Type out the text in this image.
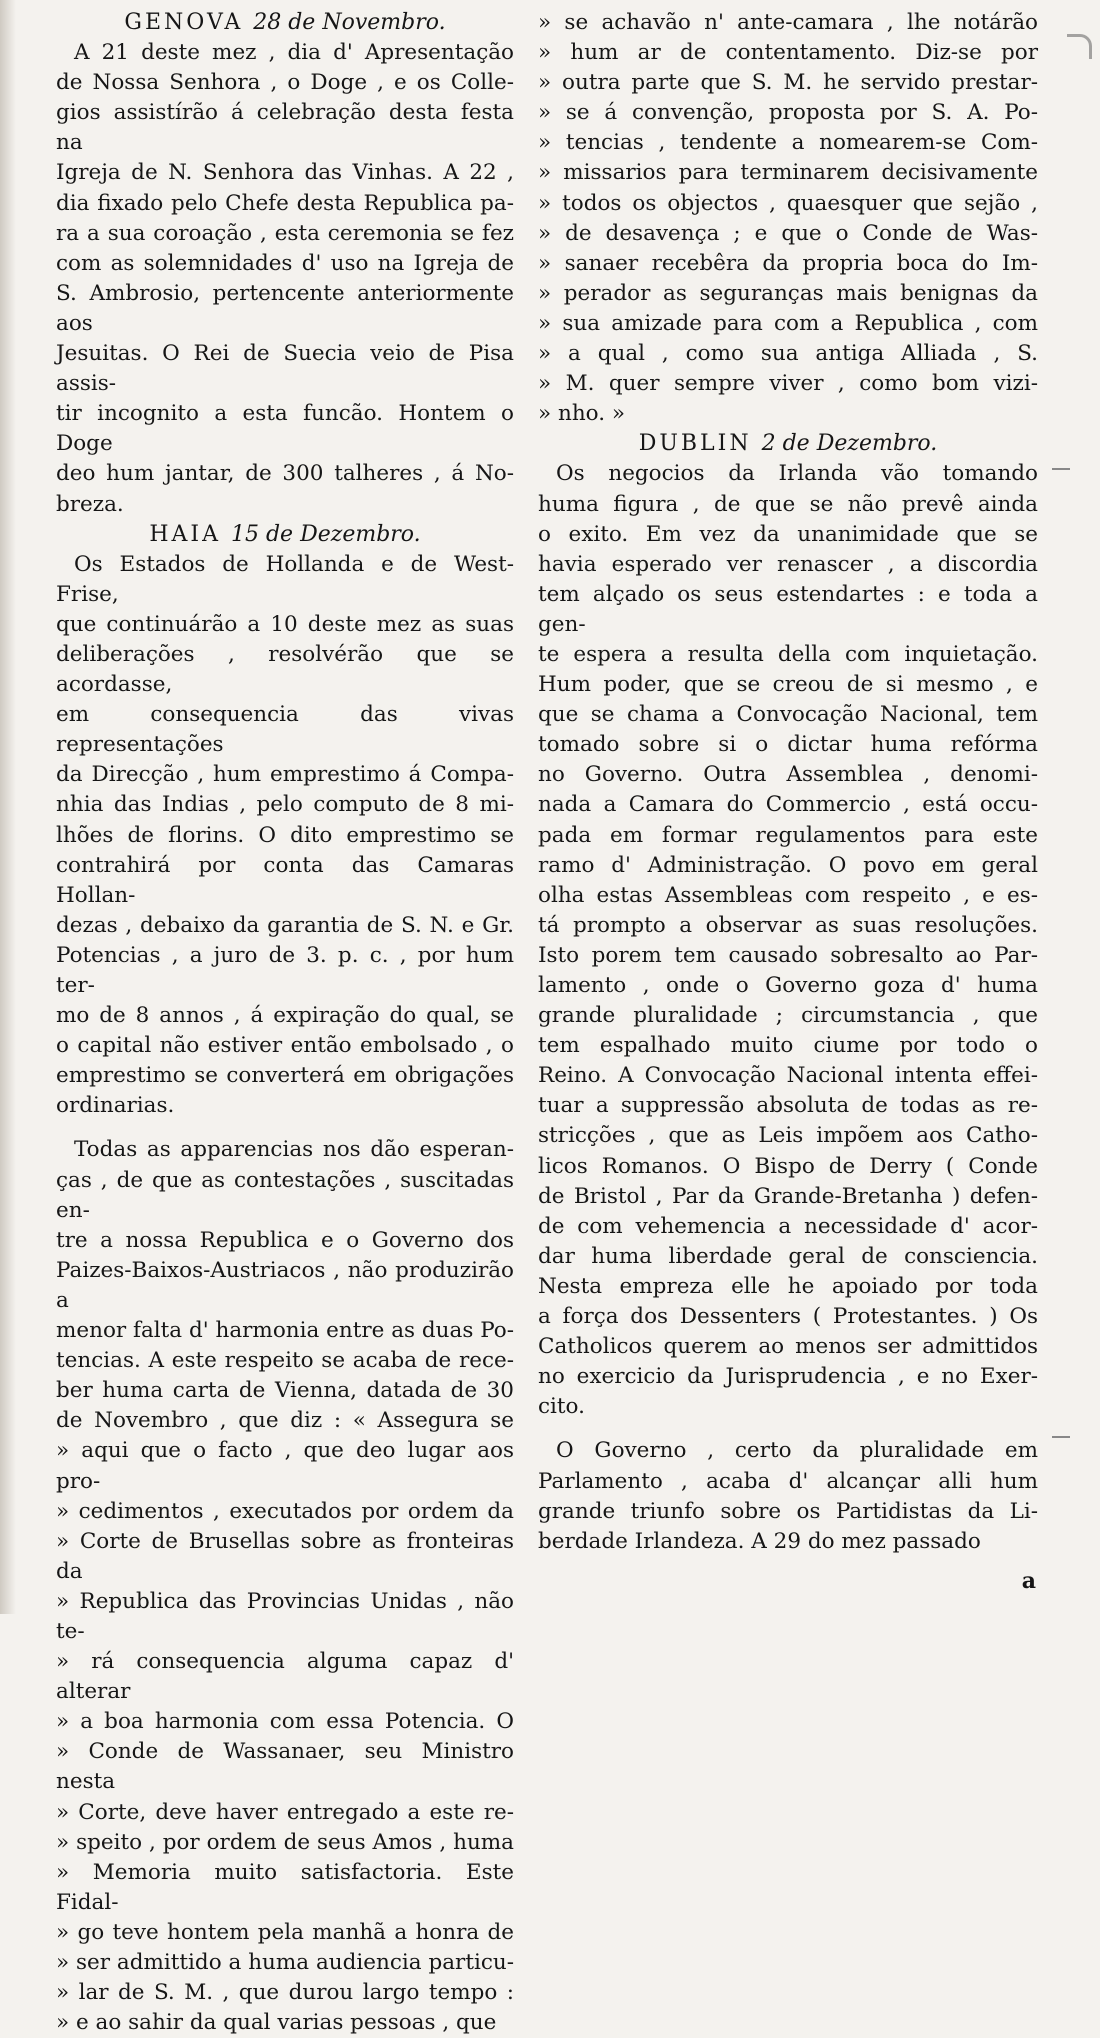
GENOVA 28 de Novembro.

A 21 deste mez , dia d' Apresentação

de Nossa Senhora , o Doge , e os Colle-

gios assistírão á celebração desta festa na

Igreja de N. Senhora das Vinhas. A 22 ,

dia fixado pelo Chefe desta Republica pa-

ra a sua coroação , esta ceremonia se fez

com as solemnidades d' uso na Igreja de

S. Ambrosio, pertencente anteriormente aos

Jesuitas. O Rei de Suecia veio de Pisa assis-

tir incognito a esta funcão. Hontem o Doge

deo hum jantar, de 300 talheres , á No-

breza.

HAIA 15 de Dezembro.

Os Estados de Hollanda e de West-Frise,

que continuárão a 10 deste mez as suas

deliberações , resolvérão que se acordasse,

em consequencia das vivas representações

da Direcção , hum emprestimo á Compa-

nhia das Indias , pelo computo de 8 mi-

lhões de florins. O dito emprestimo se

contrahirá por conta das Camaras Hollan-

dezas , debaixo da garantia de S. N. e Gr.

Potencias , a juro de 3. p. c. , por hum ter-

mo de 8 annos , á expiração do qual, se

o capital não estiver então embolsado , o

emprestimo se converterá em obrigações

ordinarias.

Todas as apparencias nos dão esperan-

ças , de que as contestações , suscitadas en-

tre a nossa Republica e o Governo dos

Paizes-Baixos-Austriacos , não produzirão a

menor falta d' harmonia entre as duas Po-

tencias. A este respeito se acaba de rece-

ber huma carta de Vienna, datada de 30

de Novembro , que diz : « Assegura se

» aqui que o facto , que deo lugar aos pro-

» cedimentos , executados por ordem da

» Corte de Brusellas sobre as fronteiras da

» Republica das Provincias Unidas , não te-

» rá consequencia alguma capaz d' alterar

» a boa harmonia com essa Potencia. O

» Conde de Wassanaer, seu Ministro nesta

» Corte, deve haver entregado a este re-

» speito , por ordem de seus Amos , huma

» Memoria muito satisfactoria. Este Fidal-

» go teve hontem pela manhã a honra de

» ser admittido a huma audiencia particu-

» lar de S. M. , que durou largo tempo :

» e ao sahir da qual varias pessoas , que

» se achavão n' ante-camara , lhe notárão

» hum ar de contentamento. Diz-se por

» outra parte que S. M. he servido prestar-

» se á convenção, proposta por S. A. Po-

» tencias , tendente a nomearem-se Com-

» missarios para terminarem decisivamente

» todos os objectos , quaesquer que sejão ,

» de desavença ; e que o Conde de Was-

» sanaer recebêra da propria boca do Im-

» perador as seguranças mais benignas da

» sua amizade para com a Republica , com

» a qual , como sua antiga Alliada , S.

» M. quer sempre viver , como bom vizi-

» nho. »

DUBLIN 2 de Dezembro.

Os negocios da Irlanda vão tomando

huma figura , de que se não prevê ainda

o exito. Em vez da unanimidade que se

havia esperado ver renascer , a discordia

tem alçado os seus estendartes : e toda a gen-

te espera a resulta della com inquietação.

Hum poder, que se creou de si mesmo , e

que se chama a Convocação Nacional, tem

tomado sobre si o dictar huma refórma

no Governo. Outra Assemblea , denomi-

nada a Camara do Commercio , está occu-

pada em formar regulamentos para este

ramo d' Administração. O povo em geral

olha estas Assembleas com respeito , e es-

tá prompto a observar as suas resoluções.

Isto porem tem causado sobresalto ao Par-

lamento , onde o Governo goza d' huma

grande pluralidade ; circumstancia , que

tem espalhado muito ciume por todo o

Reino. A Convocação Nacional intenta effei-

tuar a suppressão absoluta de todas as re-

stricções , que as Leis impõem aos Catho-

licos Romanos. O Bispo de Derry ( Conde

de Bristol , Par da Grande-Bretanha ) defen-

de com vehemencia a necessidade d' acor-

dar huma liberdade geral de consciencia.

Nesta empreza elle he apoiado por toda

a força dos Dessenters ( Protestantes. ) Os

Catholicos querem ao menos ser admittidos

no exercicio da Jurisprudencia , e no Exer-

cito.

O Governo , certo da pluralidade em

Parlamento , acaba d' alcançar alli hum

grande triunfo sobre os Partidistas da Li-

berdade Irlandeza. A 29 do mez passado

a
